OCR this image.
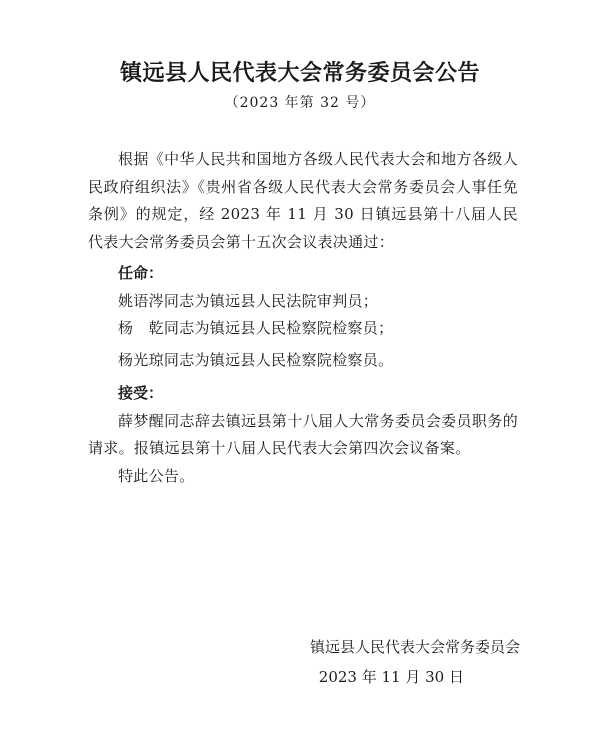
镇远县人民代表大会常务委员会公告
（2023 年第 32 号）

根据《中华人民共和国地方各级人民代表大会和地方各级人民政府组织法》《贵州省各级人民代表大会常务委员会人事任免条例》的规定，经 2023 年 11 月 30 日镇远县第十八届人民代表大会常务委员会第十五次会议表决通过：

任命：

姚语涔同志为镇远县人民法院审判员；

杨　乾同志为镇远县人民检察院检察员；

杨光琼同志为镇远县人民检察院检察员。

接受：

薛梦醒同志辞去镇远县第十八届人大常务委员会委员职务的请求。报镇远县第十八届人民代表大会第四次会议备案。

特此公告。

镇远县人民代表大会常务委员会
2023 年 11 月 30 日
